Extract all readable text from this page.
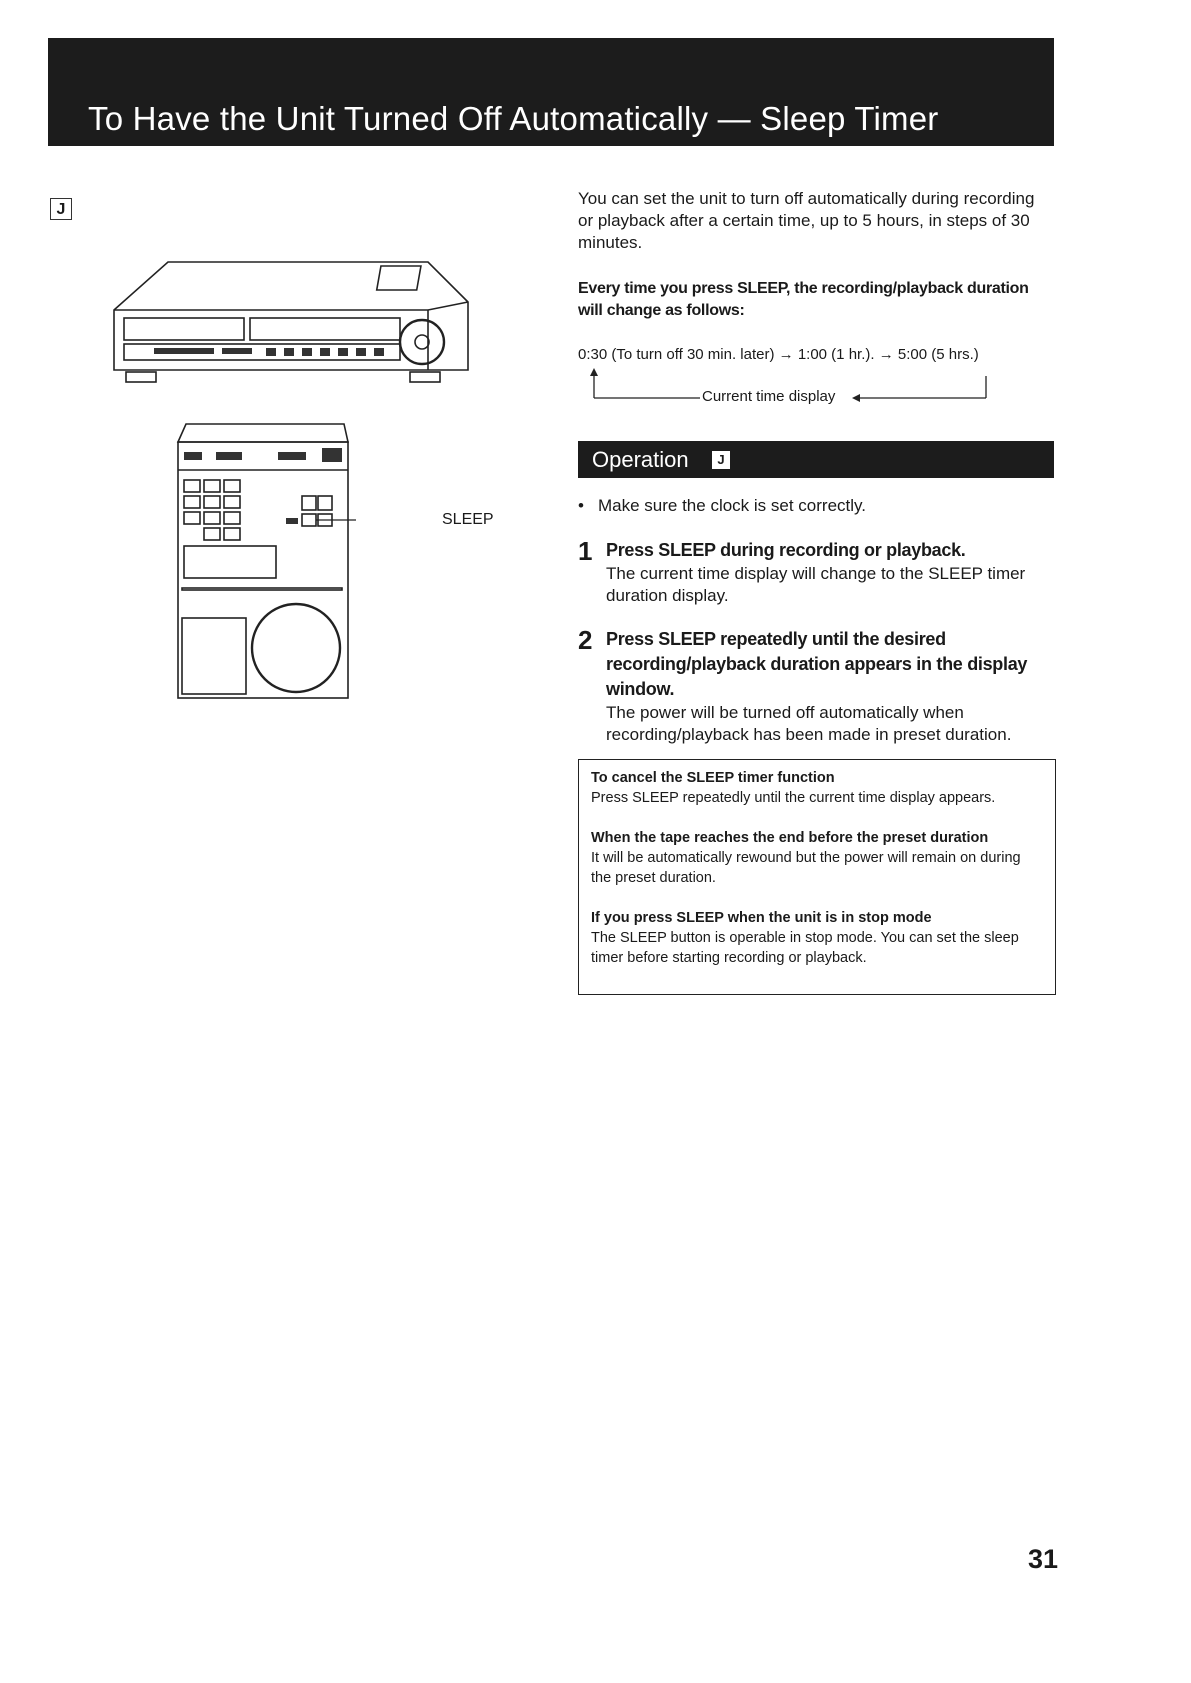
To Have the Unit Turned Off Automatically — Sleep Timer
J
SLEEP
You can set the unit to turn off automatically during recording or playback after a certain time, up to 5 hours, in steps of 30 minutes.
Every time you press SLEEP, the recording/playback duration will change as follows:
0:30 (To turn off 30 min. later) → 1:00 (1 hr.). → 5:00 (5 hrs.)
Current time display
Operation	J
• Make sure the clock is set correctly.
1 Press SLEEP during recording or playback.
The current time display will change to the SLEEP timer duration display.
2 Press SLEEP repeatedly until the desired recording/playback duration appears in the display window.
The power will be turned off automatically when recording/playback has been made in preset duration.
To cancel the SLEEP timer function
Press SLEEP repeatedly until the current time display appears.
When the tape reaches the end before the preset duration
It will be automatically rewound but the power will remain on during the preset duration.
If you press SLEEP when the unit is in stop mode
The SLEEP button is operable in stop mode. You can set the sleep timer before starting recording or playback.
31
